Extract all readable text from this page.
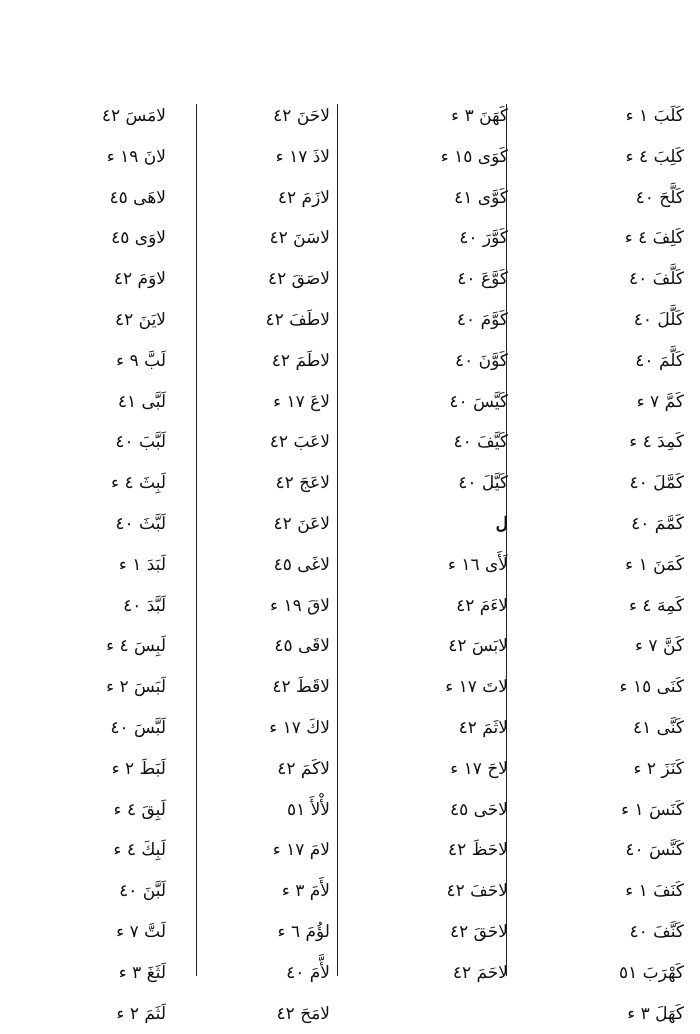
كَلَبَ ١ ء
كَلِبَ ٤ ء
كَلَّحَ ٤٠
كَلِفَ ٤ ء
كَلَّفَ ٤٠
كَلَّلَ ٤٠
كَلَّمَ ٤٠
كَمَّ ٧ ء
كَمِدَ ٤ ء
كَمَّلَ ٤٠
كَمَّمَ ٤٠
كَمَنَ ١ ء
كَمِهَ ٤ ء
كَنَّ ٧ ء
كَنَى ١٥ ء
كَنَّى ٤١
كَنَزَ ٢ ء
كَنَسَ ١ ء
كَنَّسَ ٤٠
كَنَفَ ١ ء
كَنَّفَ ٤٠
كَهْرَبَ ٥١
كَهَلَ ٣ ء
كَهَنَ ٣ ء
كَوَى ١٥ ء
كَوَّى ٤١
كَوَّرَ ٤٠
كَوَّعَ ٤٠
كَوَّمَ ٤٠
كَوَّنَ ٤٠
كَيَّسَ ٤٠
كَيَّفَ ٤٠
كَيَّلَ ٤٠
ل
لَأَى ١٦ ء
لاءَمَ ٤٢
لابَسَ ٤٢
لاتَ ١٧ ء
لاثَمَ ٤٢
لاحَ ١٧ ء
لاحَى ٤٥
لاحَظَ ٤٢
لاحَفَ ٤٢
لاحَقَ ٤٢
لاحَمَ ٤٢
لاحَنَ ٤٢
لاذَ ١٧ ء
لازَمَ ٤٢
لاسَنَ ٤٢
لاصَقَ ٤٢
لاطَفَ ٤٢
لاطَمَ ٤٢
لاعَ ١٧ ء
لاعَبَ ٤٢
لاعَجَ ٤٢
لاعَنَ ٤٢
لاغَى ٤٥
لاقَ ١٩ ء
لاقَى ٤٥
لاقَطَ ٤٢
لاكَ ١٧ ء
لاكَمَ ٤٢
لأْلأَ ٥١
لامَ ١٧ ء
لأَمَ ٣ ء
لؤُمَ ٦ ء
لأَّمَ ٤٠
لامَحَ ٤٢
لامَسَ ٤٢
لانَ ١٩ ء
لاهَى ٤٥
لاوَى ٤٥
لاوَمَ ٤٢
لايَنَ ٤٢
لَبَّ ٩ ء
لَبَّى ٤١
لَبَّبَ ٤٠
لَبِثَ ٤ ء
لَبَّثَ ٤٠
لَبَدَ ١ ء
لَبَّدَ ٤٠
لَبِسَ ٤ ء
لَبَسَ ٢ ء
لَبَّسَ ٤٠
لَبَطَ ٢ ء
لَبِقَ ٤ ء
لَبِكَ ٤ ء
لَبَّنَ ٤٠
لَتَّ ٧ ء
لَثَغَ ٣ ء
لَثَمَ ٢ ء
